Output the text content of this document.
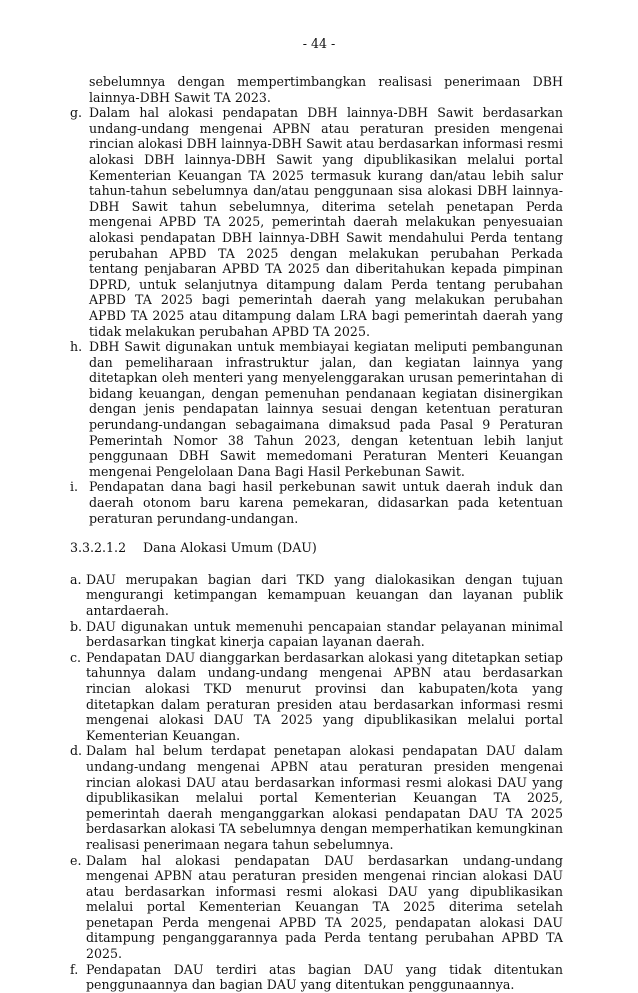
- 44 -
sebelumnya dengan mempertimbangkan realisasi penerimaan DBH lainnya-DBH Sawit TA 2023.
g. Dalam hal alokasi pendapatan DBH lainnya-DBH Sawit berdasarkan undang-undang mengenai APBN atau peraturan presiden mengenai rincian alokasi DBH lainnya-DBH Sawit atau berdasarkan informasi resmi alokasi DBH lainnya-DBH Sawit yang dipublikasikan melalui portal Kementerian Keuangan TA 2025 termasuk kurang dan/atau lebih salur tahun-tahun sebelumnya dan/atau penggunaan sisa alokasi DBH lainnya-DBH Sawit tahun sebelumnya, diterima setelah penetapan Perda mengenai APBD TA 2025, pemerintah daerah melakukan penyesuaian alokasi pendapatan DBH lainnya-DBH Sawit mendahului Perda tentang perubahan APBD TA 2025 dengan melakukan perubahan Perkada tentang penjabaran APBD TA 2025 dan diberitahukan kepada pimpinan DPRD, untuk selanjutnya ditampung dalam Perda tentang perubahan APBD TA 2025 bagi pemerintah daerah yang melakukan perubahan APBD TA 2025 atau ditampung dalam LRA bagi pemerintah daerah yang tidak melakukan perubahan APBD TA 2025.
h. DBH Sawit digunakan untuk membiayai kegiatan meliputi pembangunan dan pemeliharaan infrastruktur jalan, dan kegiatan lainnya yang ditetapkan oleh menteri yang menyelenggarakan urusan pemerintahan di bidang keuangan, dengan pemenuhan pendanaan kegiatan disinergikan dengan jenis pendapatan lainnya sesuai dengan ketentuan peraturan perundang-undangan sebagaimana dimaksud pada Pasal 9 Peraturan Pemerintah Nomor 38 Tahun 2023, dengan ketentuan lebih lanjut penggunaan DBH Sawit memedomani Peraturan Menteri Keuangan mengenai Pengelolaan Dana Bagi Hasil Perkebunan Sawit.
i. Pendapatan dana bagi hasil perkebunan sawit untuk daerah induk dan daerah otonom baru karena pemekaran, didasarkan pada ketentuan peraturan perundang-undangan.
3.3.2.1.2	Dana Alokasi Umum (DAU)
a. DAU merupakan bagian dari TKD yang dialokasikan dengan tujuan mengurangi ketimpangan kemampuan keuangan dan layanan publik antardaerah.
b. DAU digunakan untuk memenuhi pencapaian standar pelayanan minimal berdasarkan tingkat kinerja capaian layanan daerah.
c. Pendapatan DAU dianggarkan berdasarkan alokasi yang ditetapkan setiap tahunnya dalam undang-undang mengenai APBN atau berdasarkan rincian alokasi TKD menurut provinsi dan kabupaten/kota yang ditetapkan dalam peraturan presiden atau berdasarkan informasi resmi mengenai alokasi DAU TA 2025 yang dipublikasikan melalui portal Kementerian Keuangan.
d. Dalam hal belum terdapat penetapan alokasi pendapatan DAU dalam undang-undang mengenai APBN atau peraturan presiden mengenai rincian alokasi DAU atau berdasarkan informasi resmi alokasi DAU yang dipublikasikan melalui portal Kementerian Keuangan TA 2025, pemerintah daerah menganggarkan alokasi pendapatan DAU TA 2025 berdasarkan alokasi TA sebelumnya dengan memperhatikan kemungkinan realisasi penerimaan negara tahun sebelumnya.
e. Dalam hal alokasi pendapatan DAU berdasarkan undang-undang mengenai APBN atau peraturan presiden mengenai rincian alokasi DAU atau berdasarkan informasi resmi alokasi DAU yang dipublikasikan melalui portal Kementerian Keuangan TA 2025 diterima setelah penetapan Perda mengenai APBD TA 2025, pendapatan alokasi DAU ditampung penganggarannya pada Perda tentang perubahan APBD TA 2025.
f. Pendapatan DAU terdiri atas bagian DAU yang tidak ditentukan penggunaannya dan bagian DAU yang ditentukan penggunaannya.
